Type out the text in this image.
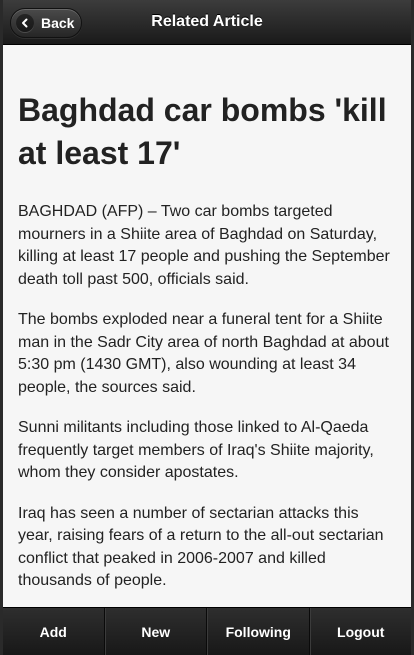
Back	Related Article
Baghdad car bombs 'kill at least 17'

BAGHDAD (AFP) – Two car bombs targeted mourners in a Shiite area of Baghdad on Saturday, killing at least 17 people and pushing the September death toll past 500, officials said.

The bombs exploded near a funeral tent for a Shiite man in the Sadr City area of north Baghdad at about 5:30 pm (1430 GMT), also wounding at least 34 people, the sources said.

Sunni militants including those linked to Al-Qaeda frequently target members of Iraq's Shiite majority, whom they consider apostates.

Iraq has seen a number of sectarian attacks this year, raising fears of a return to the all-out sectarian conflict that peaked in 2006-2007 and killed thousands of people.

Add	New	Following	Logout
